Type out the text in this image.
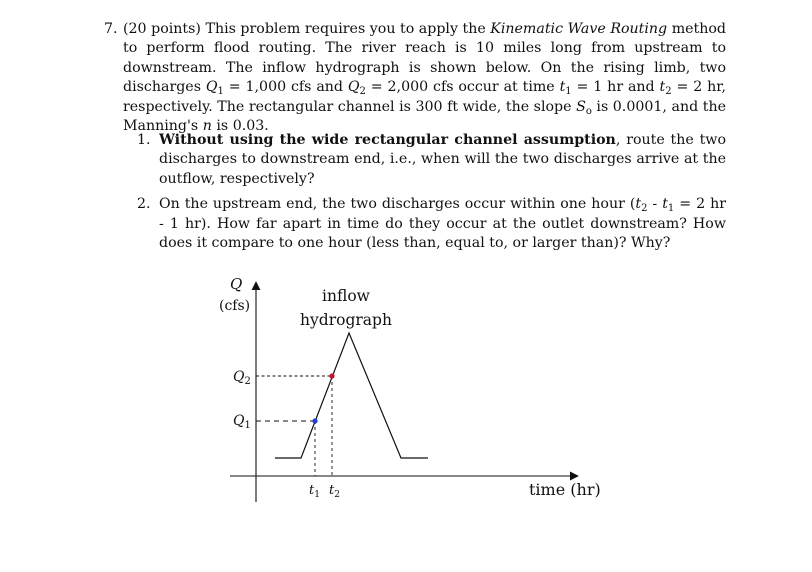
7. (20 points) This problem requires you to apply the Kinematic Wave Routing method to perform flood routing. The river reach is 10 miles long from upstream to downstream. The inflow hydrograph is shown below. On the rising limb, two discharges $Q_1 = 1,000$ cfs and $Q_2 = 2,000$ cfs occur at time $t_1 = 1$ hr and $t_2 = 2$ hr, respectively. The rectangular channel is 300 ft wide, the slope $S_o$ is 0.0001, and the Manning's n is 0.03.
1. Without using the wide rectangular channel assumption, route the two discharges to downstream end, i.e., when will the two discharges arrive at the outflow, respectively?
2. On the upstream end, the two discharges occur within one hour ($t_2 - t_1 = 2$ hr - 1 hr). How far apart in time do they occur at the outlet downstream? How does it compare to one hour (less than, equal to, or larger than)? Why?
Q
(cfs)
inflow
hydrograph
$Q_2$
$Q_1$
$t_1$ $t_2$	time (hr)
